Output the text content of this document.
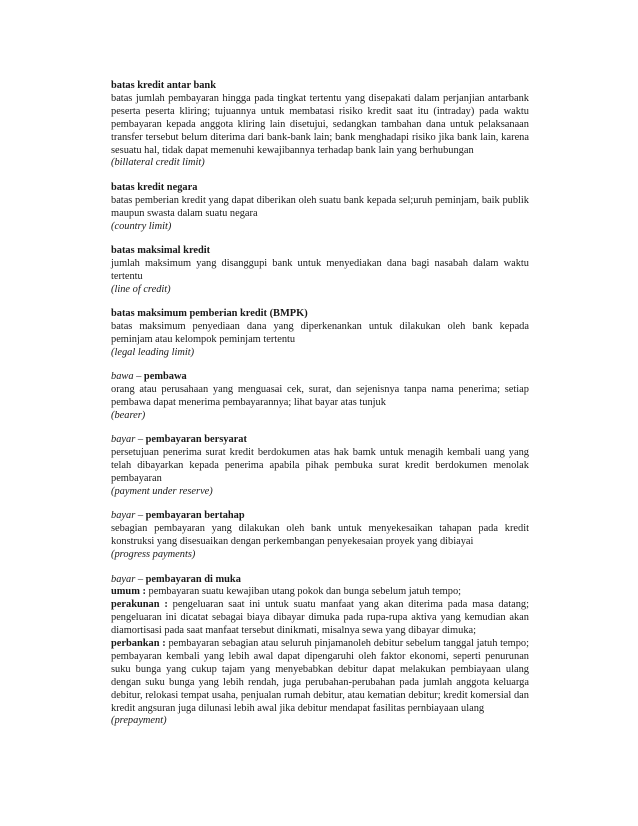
batas kredit antar bank

batas jumlah pembayaran hingga pada tingkat tertentu yang disepakati dalam perjanjian antarbank peserta peserta kliring; tujuannya untuk membatasi risiko kredit saat itu (intraday) pada waktu pembayaran kepada anggota kliring lain disetujui, sedangkan tambahan dana untuk pelaksanaan transfer tersebut belum diterima dari bank-bank lain; bank menghadapi risiko jika bank lain, karena sesuatu hal, tidak dapat memenuhi kewajibannya terhadap bank lain yang berhubungan

(billateral credit limit)
batas kredit negara

batas pemberian kredit yang dapat diberikan oleh suatu bank kepada sel;uruh peminjam, baik publik maupun swasta dalam suatu negara

(country limit)
batas maksimal kredit

jumlah maksimum yang disanggupi bank untuk menyediakan dana bagi nasabah dalam waktu tertentu

(line of credit)
batas maksimum pemberian kredit (BMPK)

batas maksimum penyediaan dana yang diperkenankan untuk dilakukan oleh bank kepada peminjam atau kelompok peminjam tertentu

(legal leading limit)
bawa – pembawa

orang atau perusahaan yang menguasai cek, surat, dan sejenisnya tanpa nama penerima; setiap pembawa dapat menerima pembayarannya; lihat bayar atas tunjuk

(bearer)
bayar – pembayaran bersyarat

persetujuan penerima surat kredit berdokumen atas hak bamk untuk menagih kembali uang yang telah dibayarkan kepada penerima apabila pihak pembuka surat kredit berdokumen menolak pembayaran

(payment under reserve)
bayar – pembayaran bertahap

sebagian pembayaran yang dilakukan oleh bank untuk menyekesaikan tahapan pada kredit konstruksi yang disesuaikan dengan perkembangan penyekesaian proyek yang dibiayai

(progress payments)
bayar – pembayaran di muka

umum : pembayaran suatu kewajiban utang pokok dan bunga sebelum jatuh tempo;

perakunan : pengeluaran saat ini untuk suatu manfaat yang akan diterima pada masa datang; pengeluaran ini dicatat sebagai biaya dibayar dimuka pada rupa-rupa aktiva yang kemudian akan diamortisasi pada saat manfaat tersebut dinikmati, misalnya sewa yang dibayar dimuka;

perbankan : pembayaran sebagian atau seluruh pinjamanoleh debitur sebelum tanggal jatuh tempo; pembayaran kembali yang lebih awal dapat dipengaruhi oleh faktor ekonomi, seperti penurunan suku bunga yang cukup tajam yang menyebabkan debitur dapat melakukan pembiayaan ulang dengan suku bunga yang lebih rendah, juga perubahan-perubahan pada jumlah anggota keluarga debitur, relokasi tempat usaha, penjualan rumah debitur, atau kematian debitur; kredit komersial dan kredit angsuran juga dilunasi lebih awal jika debitur mendapat fasilitas pernbiayaan ulang

(prepayment)
